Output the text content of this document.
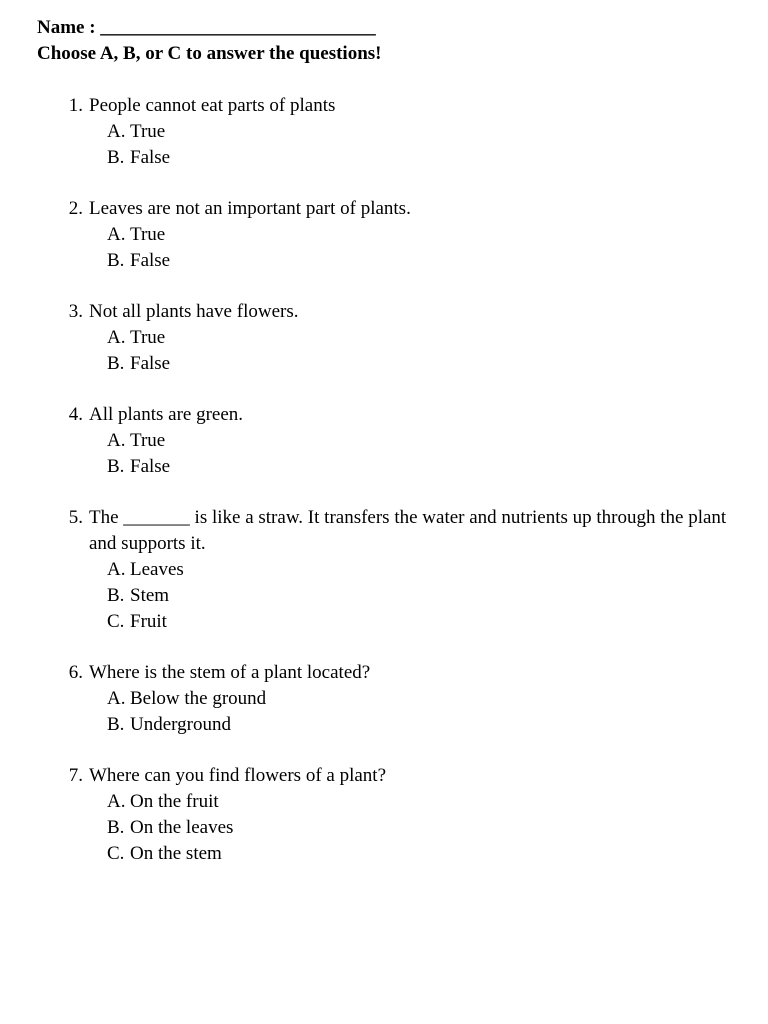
Name : _____________________________
Choose A, B, or C to answer the questions!
1. People cannot eat parts of plants
A. True
B. False
2. Leaves are not an important part of plants.
A. True
B. False
3. Not all plants have flowers.
A. True
B. False
4. All plants are green.
A. True
B. False
5. The _______ is like a straw. It transfers the water and nutrients up through the plant and supports it.
A. Leaves
B. Stem
C. Fruit
6. Where is the stem of a plant located?
A. Below the ground
B. Underground
7. Where can you find flowers of a plant?
A. On the fruit
B. On the leaves
C. On the stem
